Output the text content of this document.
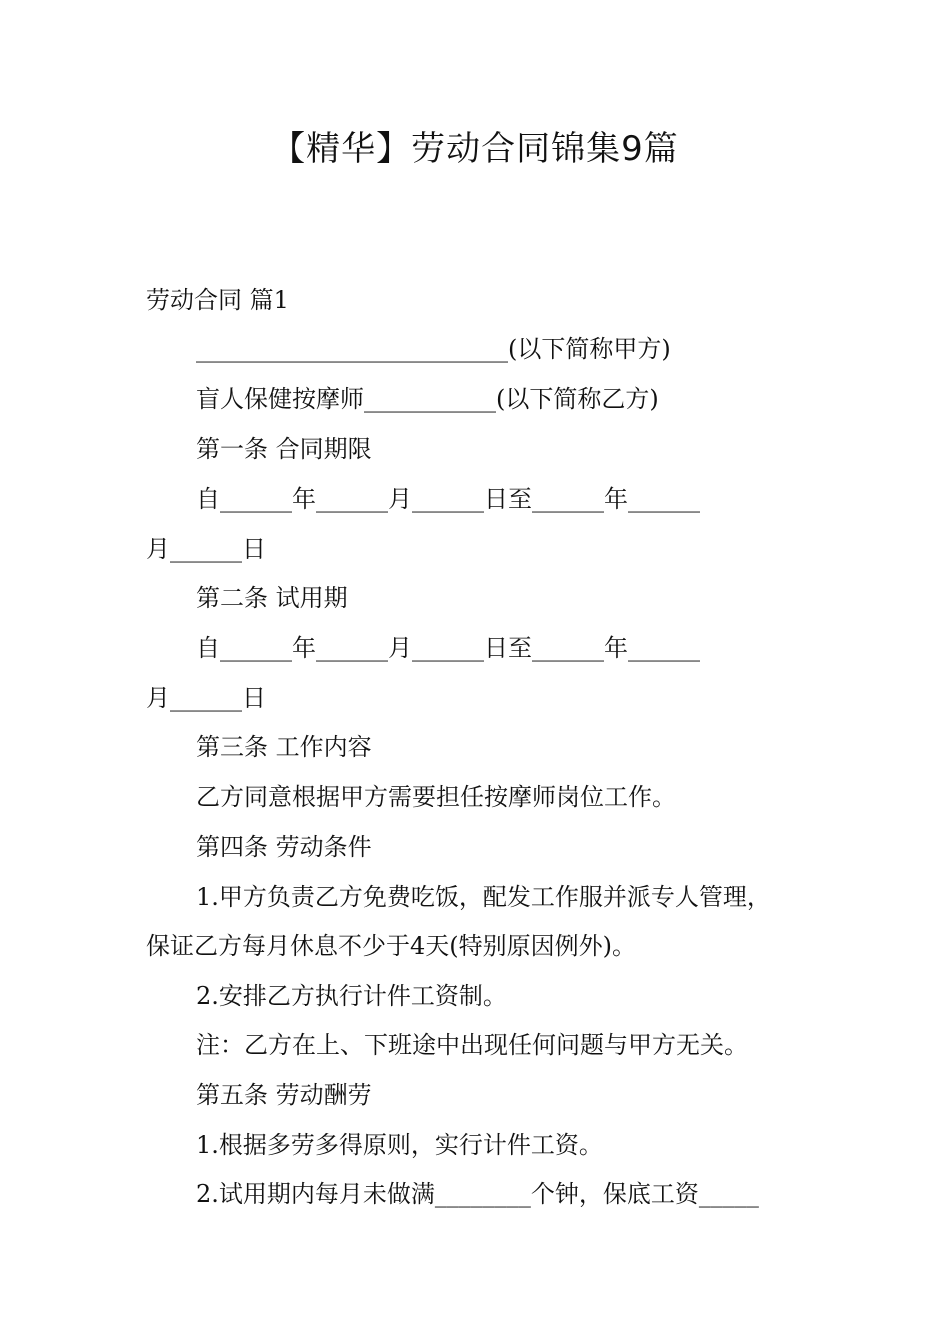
【精华】劳动合同锦集9篇

劳动合同 篇1

__________________________(以下简称甲方)

盲人保健按摩师___________(以下简称乙方)

第一条 合同期限

自______年______月______日至______年______

月______日

第二条 试用期

自______年______月______日至______年______

月______日

第三条 工作内容

乙方同意根据甲方需要担任按摩师岗位工作。

第四条 劳动条件

1.甲方负责乙方免费吃饭，配发工作服并派专人管理，

保证乙方每月休息不少于4天(特别原因例外)。

2.安排乙方执行计件工资制。

注：乙方在上、下班途中出现任何问题与甲方无关。

第五条 劳动酬劳

1.根据多劳多得原则，实行计件工资。

2.试用期内每月未做满________个钟，保底工资_____
